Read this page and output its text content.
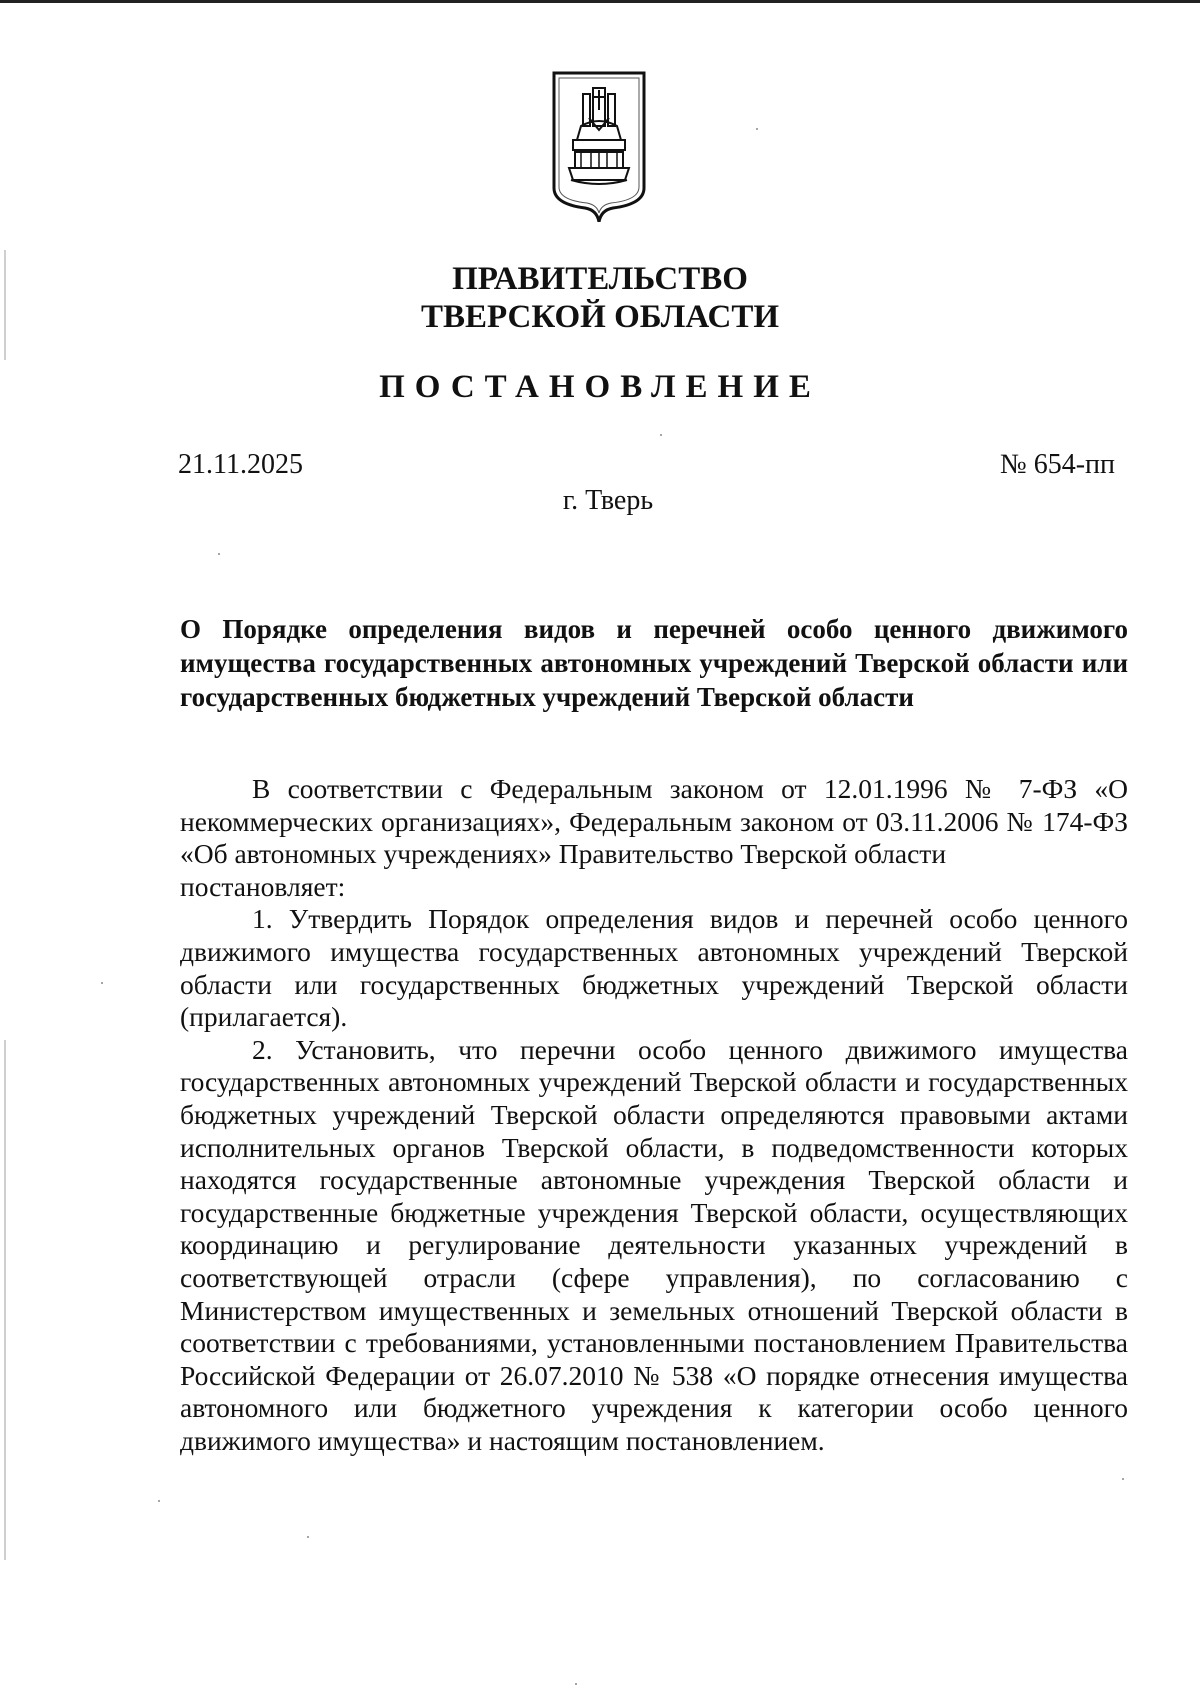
ПРАВИТЕЛЬСТВО
ТВЕРСКОЙ ОБЛАСТИ
ПОСТАНОВЛЕНИЕ
21.11.2025	№ 654-пп
г. Тверь
О Порядке определения видов и перечней особо ценного движимого имущества государственных автономных учреждений Тверской области или государственных бюджетных учреждений Тверской области

В соответствии с Федеральным законом от 12.01.1996 № 7-ФЗ «О некоммерческих организациях», Федеральным законом от 03.11.2006 № 174-ФЗ «Об автономных учреждениях» Правительство Тверской области

постановляет:

1. Утвердить Порядок определения видов и перечней особо ценного движимого имущества государственных автономных учреждений Тверской области или государственных бюджетных учреждений Тверской области (прилагается).

2. Установить, что перечни особо ценного движимого имущества государственных автономных учреждений Тверской области и государственных бюджетных учреждений Тверской области определяются правовыми актами исполнительных органов Тверской области, в подведомственности которых находятся государственные автономные учреждения Тверской области и государственные бюджетные учреждения Тверской области, осуществляющих координацию и регулирование деятельности указанных учреждений в соответствующей отрасли (сфере управления), по согласованию с Министерством имущественных и земельных отношений Тверской области в соответствии с требованиями, установленными постановлением Правительства Российской Федерации от 26.07.2010 № 538 «О порядке отнесения имущества автономного или бюджетного учреждения к категории особо ценного движимого имущества» и настоящим постановлением.
